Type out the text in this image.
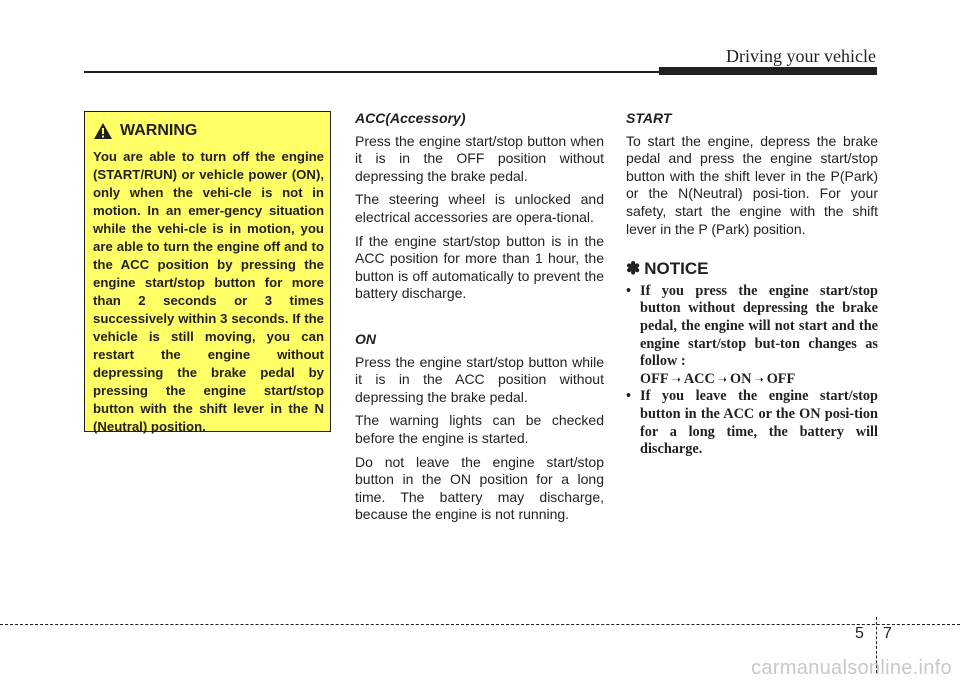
Driving your vehicle
WARNING
You are able to turn off the engine (START/RUN) or vehicle power (ON), only when the vehi-cle is not in motion. In an emer-gency situation while the vehi-cle is in motion, you are able to turn the engine off and to the ACC position by pressing the engine start/stop button for more than 2 seconds or 3 times successively within 3 seconds. If the vehicle is still moving, you can restart the engine without depressing the brake pedal by pressing the engine start/stop button with the shift lever in the N (Neutral) position.
ACC(Accessory)

Press the engine start/stop button when it is in the OFF position without depressing the brake pedal.

The steering wheel is unlocked and electrical accessories are opera-tional.

If the engine start/stop button is in the ACC position for more than 1 hour, the button is off automatically to prevent the battery discharge.

ON

Press the engine start/stop button while it is in the ACC position without depressing the brake pedal.

The warning lights can be checked before the engine is started.

Do not leave the engine start/stop button in the ON position for a long time. The battery may discharge, because the engine is not running.

START

To start the engine, depress the brake pedal and press the engine start/stop button with the shift lever in the P(Park) or the N(Neutral) posi-tion. For your safety, start the engine with the shift lever in the P (Park) position.

✽ NOTICE
• If you press the engine start/stop button without depressing the brake pedal, the engine will not start and the engine start/stop but-ton changes as follow :
OFF ➝ ACC ➝ ON ➝ OFF
• If you leave the engine start/stop button in the ACC or the ON posi-tion for a long time, the battery will discharge.
5 7
carmanualsonline.info
